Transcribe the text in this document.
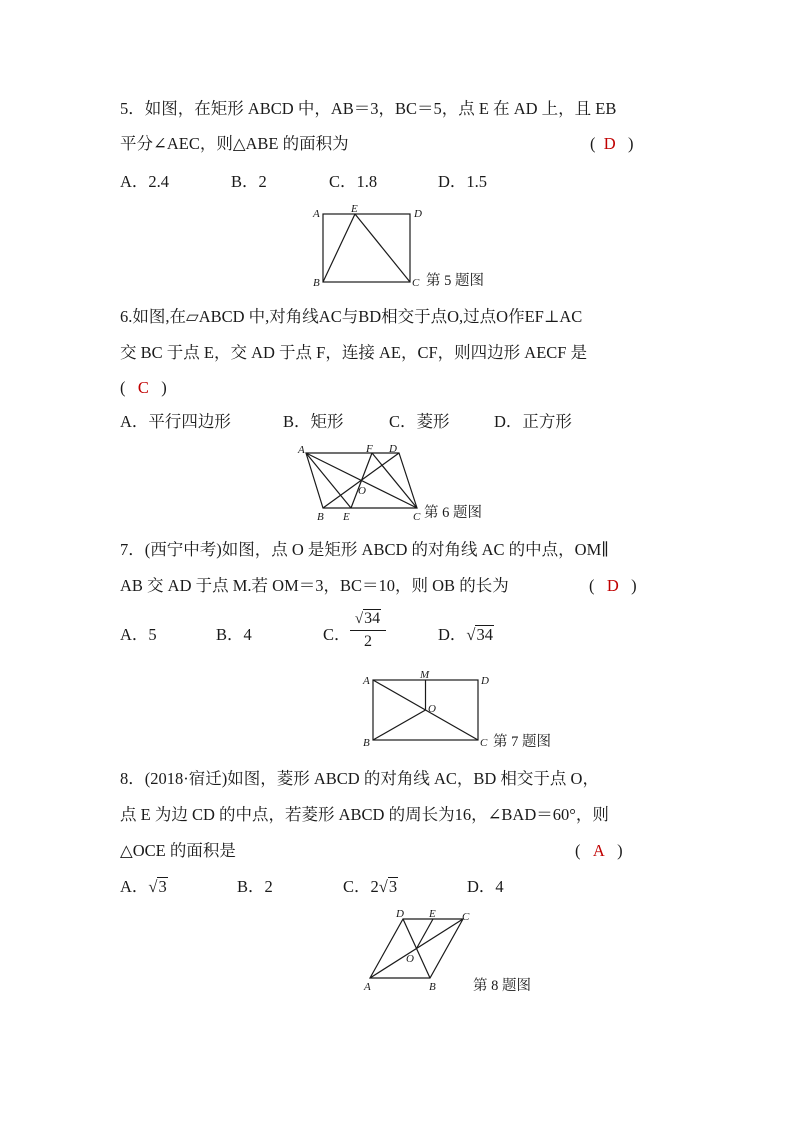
5．如图，在矩形 ABCD 中，AB＝3，BC＝5，点 E 在 AD 上，且 EB
平分∠AEC，则△ABE 的面积为	( D )
A．2.4	B．2	C．1.8	D．1.5
A	E	D
B	C 第 5 题图
6.如图,在▱ABCD 中,对角线AC与BD相交于点O,过点O作EF⊥AC
交 BC 于点 E，交 AD 于点 F，连接 AE，CF，则四边形 AECF 是
( C )
A．平行四边形	B．矩形	C．菱形	D．正方形
A	F D
O
B E	C 第 6 题图
7．(西宁中考)如图，点 O 是矩形 ABCD 的对角线 AC 的中点，OM∥
AB 交 AD 于点 M.若 OM＝3，BC＝10，则 OB 的长为	( D )
A．5	B．4	C． $\frac{√34}{2}$	D．√34
A	M	D
O
B	C 第 7 题图
8．(2018·宿迁)如图，菱形 ABCD 的对角线 AC，BD 相交于点 O，
点 E 为边 CD 的中点，若菱形 ABCD 的周长为16，∠BAD＝60°，则
△OCE 的面积是	( A )
A．√3	B．2	C．2√3	D．4
D E C
O
A	B	第 8 题图
